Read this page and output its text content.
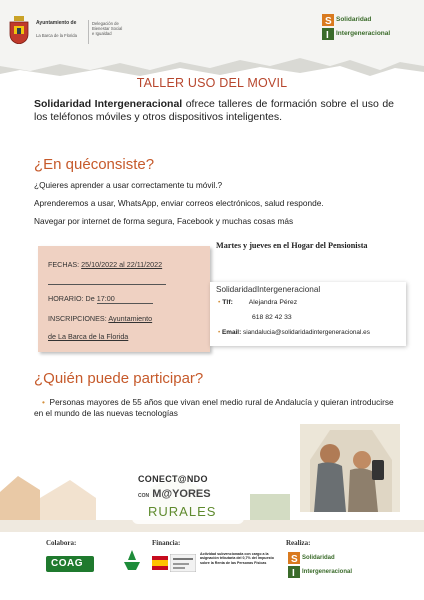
Ayuntamiento de
La Barca de la Florida
Delegación de
Bienestar Social
e Igualdad
S
I
Solidaridad
Intergeneracional
TALLER USO DEL MOVIL
Solidaridad Intergeneracional ofrece talleres de formación sobre el uso de los teléfonos móviles y otros dispositivos inteligentes.
¿En quéconsiste?
¿Quieres aprender a usar correctamente tu móvil.?
Aprenderemos a usar, WhatsApp, enviar correos electrónicos, salud responde.
Navegar por internet de forma segura, Facebook y muchas cosas más
FECHAS: 25/10/2022 al 22/11/2022
HORARIO: De 17:00
INSCRIPCIONES: Ayuntamiento
de La Barca de la Florida
Martes y jueves en el Hogar del Pensionista
SolidaridadIntergeneracional
• Tlf: Alejandra Pérez
618 82 42 33
• Email: siandalucia@solidaridadintergeneracional.es
¿Quién puede participar?
• Personas mayores de 55 años que vivan enel medio rural de Andalucía y quieran introducirse en el mundo de las nuevas tecnologías
CONECT@NDO
CON M@YORES
RURALES
Colabora:	Financia:	Realiza:
COAG
Actividad subvencionada con cargo a la asignación tributaria del 0,7% del Impuesto sobre la Renta de las Personas Físicas	S
I
Solidaridad
Intergeneracional
